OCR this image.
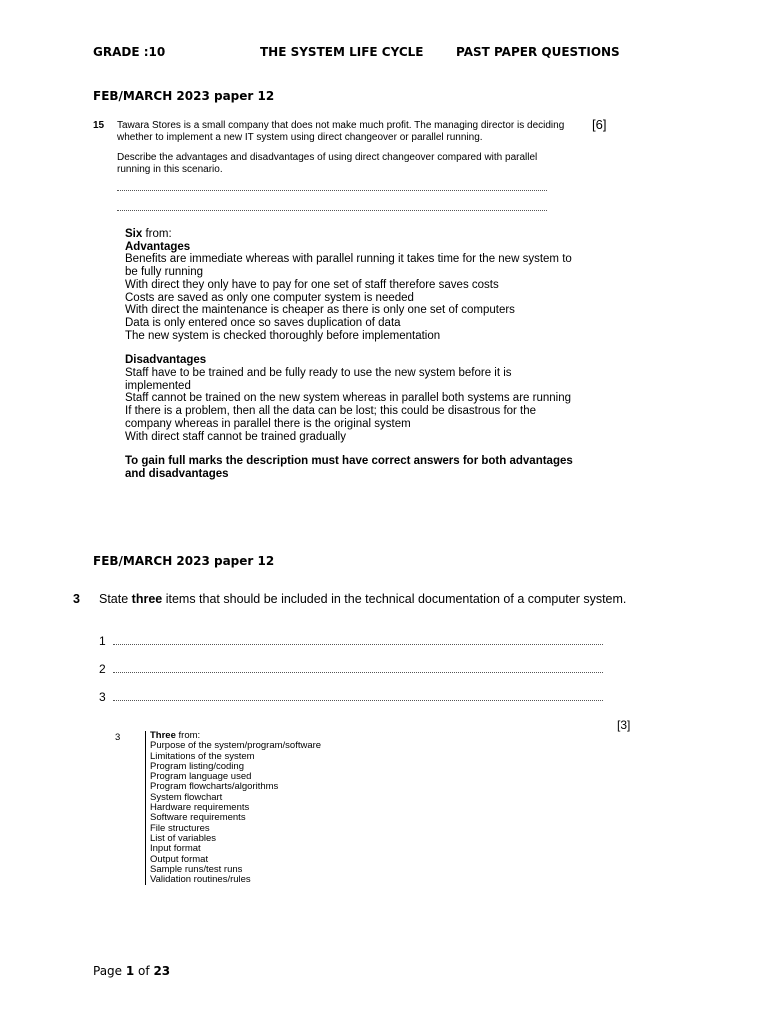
GRADE :10	THE SYSTEM LIFE CYCLE	PAST PAPER QUESTIONS
FEB/MARCH 2023 paper 12
15 Tawara Stores is a small company that does not make much profit. The managing director is deciding whether to implement a new IT system using direct changeover or parallel running.
Describe the advantages and disadvantages of using direct changeover compared with parallel running in this scenario.
[6]

Six from:

Advantages

Benefits are immediate whereas with parallel running it takes time for the new system to be fully running

With direct they only have to pay for one set of staff therefore saves costs

Costs are saved as only one computer system is needed

With direct the maintenance is cheaper as there is only one set of computers

Data is only entered once so saves duplication of data

The new system is checked thoroughly before implementation

Disadvantages

Staff have to be trained and be fully ready to use the new system before it is implemented

Staff cannot be trained on the new system whereas in parallel both systems are running

If there is a problem, then all the data can be lost; this could be disastrous for the company whereas in parallel there is the original system

With direct staff cannot be trained gradually

To gain full marks the description must have correct answers for both advantages and disadvantages

FEB/MARCH 2023 paper 12
3 State three items that should be included in the technical documentation of a computer system.
1
2
3
[3]
3	Three from:
Purpose of the system/program/software
Limitations of the system
Program listing/coding
Program language used
Program flowcharts/algorithms
System flowchart
Hardware requirements
Software requirements
File structures
List of variables
Input format
Output format
Sample runs/test runs
Validation routines/rules
Page 1 of 23
